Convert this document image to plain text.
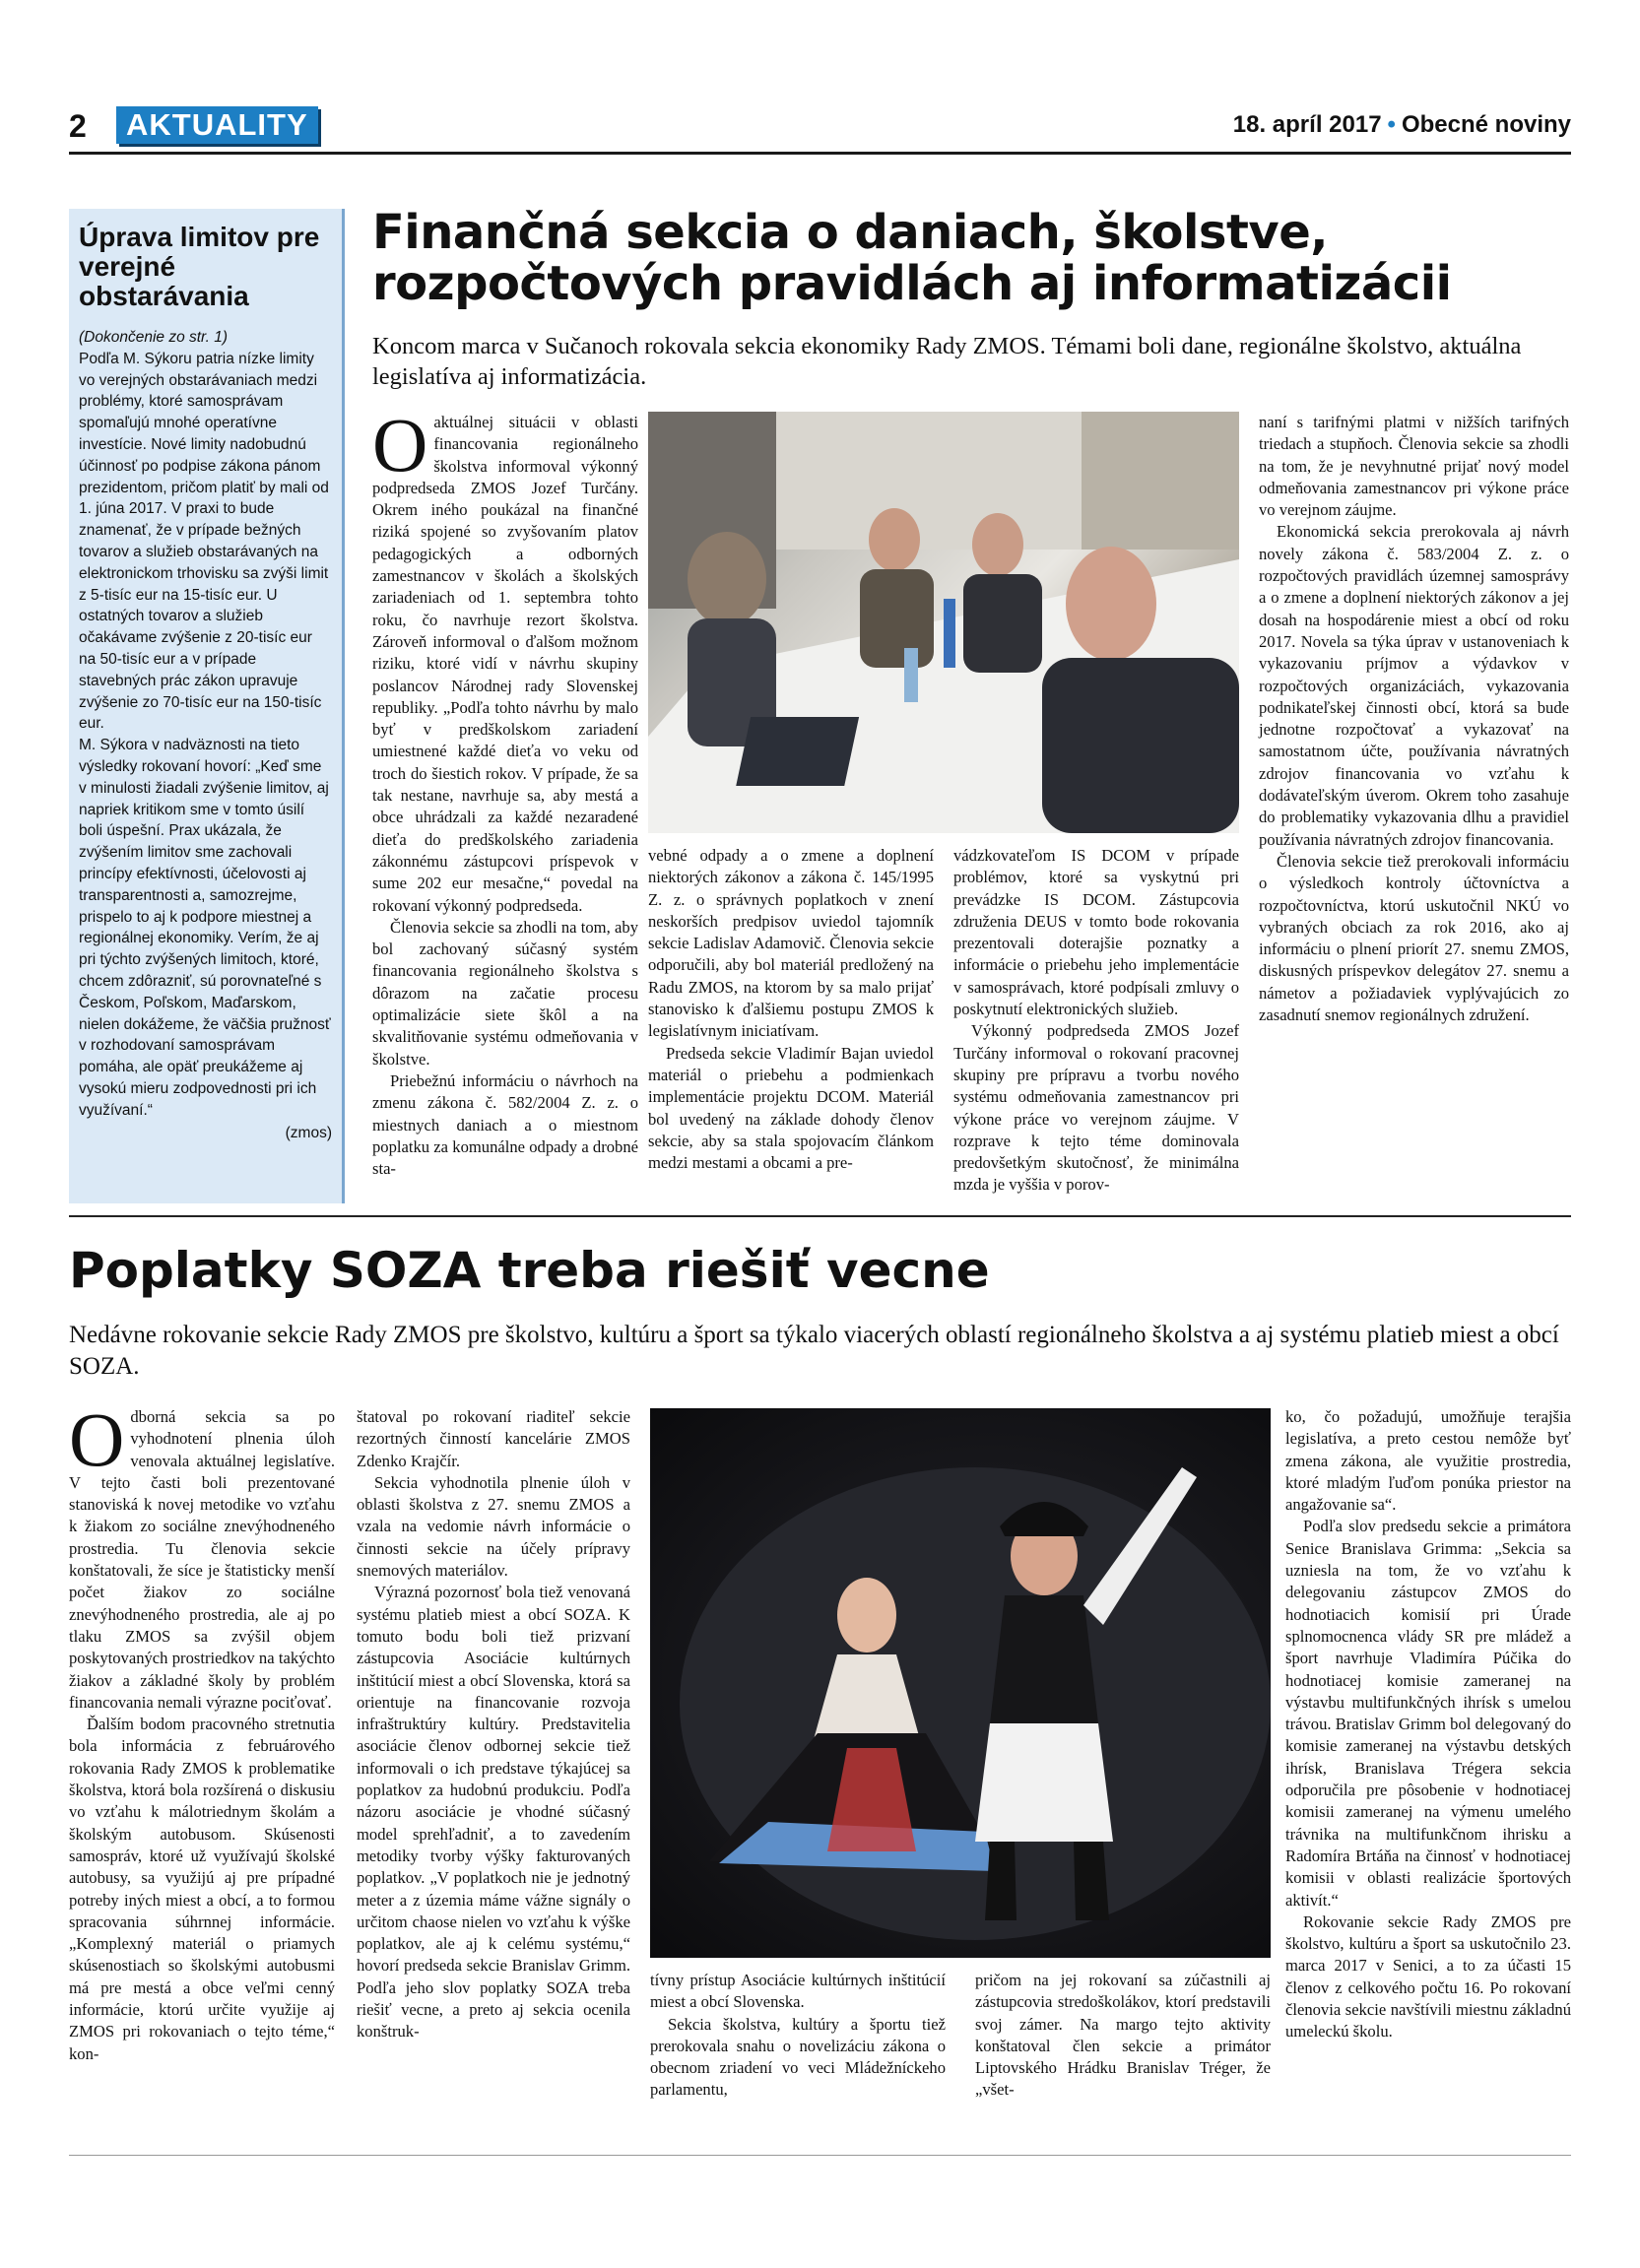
2	AKTUALITY	18. apríl 2017 • Obecné noviny
Úprava limitov pre verejné obstarávania

(Dokončenie zo str. 1)

Podľa M. Sýkoru patria nízke limity vo verejných obstarávaniach medzi problémy, ktoré samosprávam spomaľujú mnohé operatívne investície. Nové limity nadobudnú účinnosť po podpise zákona pánom prezidentom, pričom platiť by mali od 1. júna 2017. V praxi to bude znamenať, že v prípade bežných tovarov a služieb obstarávaných na elektronickom trhovisku sa zvýši limit z 5-tisíc eur na 15-tisíc eur. U ostatných tovarov a služieb očakávame zvýšenie z 20-tisíc eur na 50-tisíc eur a v prípade stavebných prác zákon upravuje zvýšenie zo 70-tisíc eur na 150-tisíc eur.

M. Sýkora v nadväznosti na tieto výsledky rokovaní hovorí: „Keď sme v minulosti žiadali zvýšenie limitov, aj napriek kritikom sme v tomto úsilí boli úspešní. Prax ukázala, že zvýšením limitov sme zachovali princípy efektívnosti, účelovosti aj transparentnosti a, samozrejme, prispelo to aj k podpore miestnej a regionálnej ekonomiky. Verím, že aj pri týchto zvýšených limitoch, ktoré, chcem zdôrazniť, sú porovnateľné s Českom, Poľskom, Maďarskom, nielen dokážeme, že väčšia pružnosť v rozhodovaní samosprávam pomáha, ale opäť preukážeme aj vysokú mieru zodpovednosti pri ich využívaní.“

(zmos)

Finančná sekcia o daniach, školstve, rozpočtových pravidlách aj informatizácii
Koncom marca v Sučanoch rokovala sekcia ekonomiky Rady ZMOS. Témami boli dane, regionálne školstvo, aktuálna legislatíva aj informatizácia.

Oaktuálnej situácii v oblasti financovania regionálneho školstva informoval výkonný podpredseda ZMOS Jozef Turčány. Okrem iného poukázal na finančné riziká spojené so zvyšovaním platov pedagogických a odborných zamestnancov v školách a školských zariadeniach od 1. septembra tohto roku, čo navrhuje rezort školstva. Zároveň informoval o ďalšom možnom riziku, ktoré vidí v návrhu skupiny poslancov Národnej rady Slovenskej republiky. „Podľa tohto návrhu by malo byť v predškolskom zariadení umiestnené každé dieťa vo veku od troch do šiestich rokov. V prípade, že sa tak nestane, navrhuje sa, aby mestá a obce uhrádzali za každé nezaradené dieťa do predškolského zariadenia zákonnému zástupcovi príspevok v sume 202 eur mesačne,“ povedal na rokovaní výkonný podpredseda.

Členovia sekcie sa zhodli na tom, aby bol zachovaný súčasný systém financovania regionálneho školstva s dôrazom na začatie procesu optimalizácie siete škôl a na skvalitňovanie systému odmeňovania v školstve.

Priebežnú informáciu o návrhoch na zmenu zákona č. 582/2004 Z. z. o miestnych daniach a o miestnom poplatku za komunálne odpady a drobné sta-

vebné odpady a o zmene a doplnení niektorých zákonov a zákona č. 145/1995 Z. z. o správnych poplatkoch v znení neskorších predpisov uviedol tajomník sekcie Ladislav Adamovič. Členovia sekcie odporučili, aby bol materiál predložený na Radu ZMOS, na ktorom by sa malo prijať stanovisko k ďalšiemu postupu ZMOS k legislatívnym iniciatívam.

Predseda sekcie Vladimír Bajan uviedol materiál o priebehu a podmienkach implementácie projektu DCOM. Materiál bol uvedený na základe dohody členov sekcie, aby sa stala spojovacím článkom medzi mestami a obcami a pre-

vádzkovateľom IS DCOM v prípade problémov, ktoré sa vyskytnú pri prevádzke IS DCOM. Zástupcovia združenia DEUS v tomto bode rokovania prezentovali doterajšie poznatky a informácie o priebehu jeho implementácie v samosprávach, ktoré podpísali zmluvy o poskytnutí elektronických služieb.

Výkonný podpredseda ZMOS Jozef Turčány informoval o rokovaní pracovnej skupiny pre prípravu a tvorbu nového systému odmeňovania zamestnancov pri výkone práce vo verejnom záujme. V rozprave k tejto téme dominovala predovšetkým skutočnosť, že minimálna mzda je vyššia v porov-

naní s tarifnými platmi v nižších tarifných triedach a stupňoch. Členovia sekcie sa zhodli na tom, že je nevyhnutné prijať nový model odmeňovania zamestnancov pri výkone práce vo verejnom záujme.

Ekonomická sekcia prerokovala aj návrh novely zákona č. 583/2004 Z. z. o rozpočtových pravidlách územnej samosprávy a o zmene a doplnení niektorých zákonov a jej dosah na hospodárenie miest a obcí od roku 2017. Novela sa týka úprav v ustanoveniach k vykazovaniu príjmov a výdavkov v rozpočtových organizáciách, vykazovania podnikateľskej činnosti obcí, ktorá sa bude jednotne rozpočtovať a vykazovať na samostatnom účte, používania návratných zdrojov financovania vo vzťahu k dodávateľským úverom. Okrem toho zasahuje do problematiky vykazovania dlhu a pravidiel používania návratných zdrojov financovania.

Členovia sekcie tiež prerokovali informáciu o výsledkoch kontroly účtovníctva a rozpočtovníctva, ktorú uskutočnil NKÚ vo vybraných obciach za rok 2016, ako aj informáciu o plnení priorít 27. snemu ZMOS, diskusných príspevkov delegátov 27. snemu a námetov a požiadaviek vyplývajúcich zo zasadnutí snemov regionálnych združení.

Poplatky SOZA treba riešiť vecne
Nedávne rokovanie sekcie Rady ZMOS pre školstvo, kultúru a šport sa týkalo viacerých oblastí regionálneho školstva a aj systému platieb miest a obcí SOZA.

Odborná sekcia sa po vyhodnotení plnenia úloh venovala aktuálnej legislatíve. V tejto časti boli prezentované stanoviská k novej metodike vo vzťahu k žiakom zo sociálne znevýhodneného prostredia. Tu členovia sekcie konštatovali, že síce je štatisticky menší počet žiakov zo sociálne znevýhodneného prostredia, ale aj po tlaku ZMOS sa zvýšil objem poskytovaných prostriedkov na takýchto žiakov a základné školy by problém financovania nemali výrazne pociťovať.

Ďalším bodom pracovného stretnutia bola informácia z februárového rokovania Rady ZMOS k problematike školstva, ktorá bola rozšírená o diskusiu vo vzťahu k málotriednym školám a školským autobusom. Skúsenosti samospráv, ktoré už využívajú školské autobusy, sa využijú aj pre prípadné potreby iných miest a obcí, a to formou spracovania súhrnnej informácie. „Komplexný materiál o priamych skúsenostiach so školskými autobusmi má pre mestá a obce veľmi cenný informácie, ktorú určite využije aj ZMOS pri rokovaniach o tejto téme,“ kon-

štatoval po rokovaní riaditeľ sekcie rezortných činností kancelárie ZMOS Zdenko Krajčír.

Sekcia vyhodnotila plnenie úloh v oblasti školstva z 27. snemu ZMOS a vzala na vedomie návrh informácie o činnosti sekcie na účely prípravy snemových materiálov.

Výrazná pozornosť bola tiež venovaná systému platieb miest a obcí SOZA. K tomuto bodu boli tiež prizvaní zástupcovia Asociácie kultúrnych inštitúcií miest a obcí Slovenska, ktorá sa orientuje na financovanie rozvoja infraštruktúry kultúry. Predstavitelia asociácie členov odbornej sekcie tiež informovali o ich predstave týkajúcej sa poplatkov za hudobnú produkciu. Podľa názoru asociácie je vhodné súčasný model sprehľadniť, a to zavedením metodiky tvorby výšky fakturovaných poplatkov. „V poplatkoch nie je jednotný meter a z územia máme vážne signály o určitom chaose nielen vo vzťahu k výške poplatkov, ale aj k celému systému,“ hovorí predseda sekcie Branislav Grimm. Podľa jeho slov poplatky SOZA treba riešiť vecne, a preto aj sekcia ocenila konštruk-

tívny prístup Asociácie kultúrnych inštitúcií miest a obcí Slovenska.

Sekcia školstva, kultúry a športu tiež prerokovala snahu o novelizáciu zákona o obecnom zriadení vo veci Mládežníckeho parlamentu,

pričom na jej rokovaní sa zúčastnili aj zástupcovia stredoškolákov, ktorí predstavili svoj zámer. Na margo tejto aktivity konštatoval člen sekcie a primátor Liptovského Hrádku Branislav Tréger, že „všet-

ko, čo požadujú, umožňuje terajšia legislatíva, a preto cestou nemôže byť zmena zákona, ale využitie prostredia, ktoré mladým ľuďom ponúka priestor na angažovanie sa“.

Podľa slov predsedu sekcie a primátora Senice Branislava Grimma: „Sekcia sa uzniesla na tom, že vo vzťahu k delegovaniu zástupcov ZMOS do hodnotiacich komisií pri Úrade splnomocnenca vlády SR pre mládež a šport navrhuje Vladimíra Púčika do hodnotiacej komisie zameranej na výstavbu multifunkčných ihrísk s umelou trávou. Bratislav Grimm bol delegovaný do komisie zameranej na výstavbu detských ihrísk, Branislava Trégera sekcia odporučila pre pôsobenie v hodnotiacej komisii zameranej na výmenu umelého trávnika na multifunkčnom ihrisku a Radomíra Brtáňa na činnosť v hodnotiacej komisii v oblasti realizácie športových aktivít.“

Rokovanie sekcie Rady ZMOS pre školstvo, kultúru a šport sa uskutočnilo 23. marca 2017 v Senici, a to za účasti 15 členov z celkového počtu 16. Po rokovaní členovia sekcie navštívili miestnu základnú umeleckú školu.
